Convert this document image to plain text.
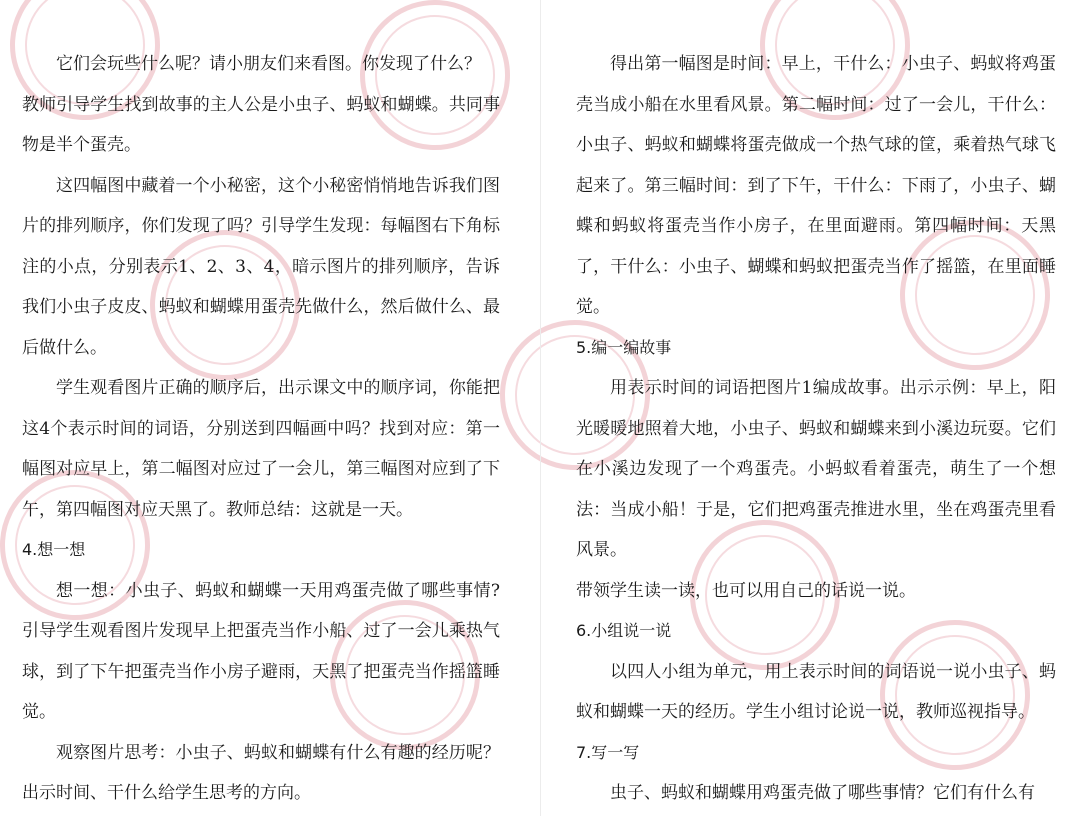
它们会玩些什么呢？请小朋友们来看图。你发现了什么？

教师引导学生找到故事的主人公是小虫子、蚂蚁和蝴蝶。共同事物是半个蛋壳。

这四幅图中藏着一个小秘密，这个小秘密悄悄地告诉我们图片的排列顺序，你们发现了吗？引导学生发现：每幅图右下角标注的小点，分别表示1、2、3、4，暗示图片的排列顺序，告诉我们小虫子皮皮、蚂蚁和蝴蝶用蛋壳先做什么，然后做什么、最后做什么。

学生观看图片正确的顺序后，出示课文中的顺序词，你能把这4个表示时间的词语，分别送到四幅画中吗？找到对应：第一幅图对应早上，第二幅图对应过了一会儿，第三幅图对应到了下午，第四幅图对应天黑了。教师总结：这就是一天。

4.想一想

想一想：小虫子、蚂蚁和蝴蝶一天用鸡蛋壳做了哪些事情?引导学生观看图片发现早上把蛋壳当作小船、过了一会儿乘热气球，到了下午把蛋壳当作小房子避雨，天黑了把蛋壳当作摇篮睡觉。

观察图片思考：小虫子、蚂蚁和蝴蝶有什么有趣的经历呢？出示时间、干什么给学生思考的方向。

得出第一幅图是时间：早上，干什么：小虫子、蚂蚁将鸡蛋壳当成小船在水里看风景。第二幅时间：过了一会儿，干什么：小虫子、蚂蚁和蝴蝶将蛋壳做成一个热气球的筐，乘着热气球飞起来了。第三幅时间：到了下午，干什么：下雨了，小虫子、蝴蝶和蚂蚁将蛋壳当作小房子，在里面避雨。第四幅时间：天黑了，干什么：小虫子、蝴蝶和蚂蚁把蛋壳当作了摇篮，在里面睡觉。

5.编一编故事

用表示时间的词语把图片1编成故事。出示示例：早上，阳光暖暖地照着大地，小虫子、蚂蚁和蝴蝶来到小溪边玩耍。它们在小溪边发现了一个鸡蛋壳。小蚂蚁看着蛋壳，萌生了一个想法：当成小船！于是，它们把鸡蛋壳推进水里，坐在鸡蛋壳里看风景。

带领学生读一读，也可以用自己的话说一说。

6.小组说一说

以四人小组为单元，用上表示时间的词语说一说小虫子、蚂蚁和蝴蝶一天的经历。学生小组讨论说一说，教师巡视指导。

7.写一写

虫子、蚂蚁和蝴蝶用鸡蛋壳做了哪些事情？它们有什么有
